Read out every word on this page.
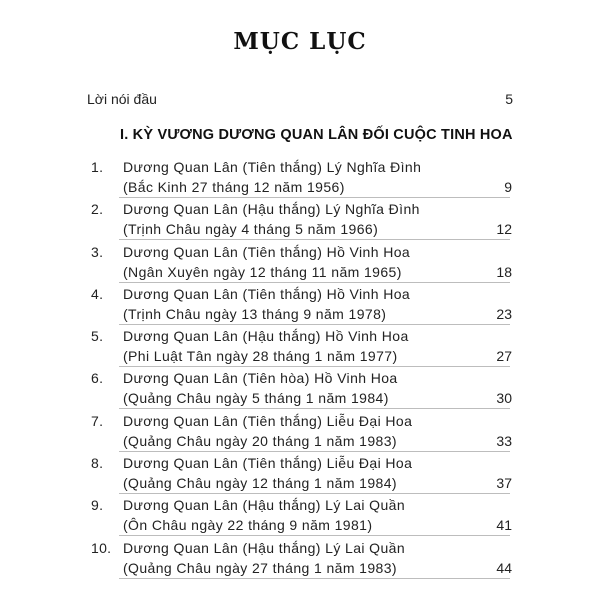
MỤC LỤC
Lời nói đầu	5
I. KỲ VƯƠNG DƯƠNG QUAN LÂN ĐỐI CUỘC TINH HOA
1. Dương Quan Lân (Tiên thắng) Lý Nghĩa Đình
(Bắc Kinh 27 tháng 12 năm 1956)	9
2. Dương Quan Lân (Hậu thắng) Lý Nghĩa Đình
(Trịnh Châu ngày 4 tháng 5 năm 1966)	12
3. Dương Quan Lân (Tiên thắng) Hồ Vinh Hoa
(Ngân Xuyên ngày 12 tháng 11 năm 1965)	18
4. Dương Quan Lân (Tiên thắng) Hồ Vinh Hoa
(Trịnh Châu ngày 13 tháng 9 năm 1978)	23
5. Dương Quan Lân (Hậu thắng) Hồ Vinh Hoa
(Phi Luật Tân ngày 28 tháng 1 năm 1977)	27
6. Dương Quan Lân (Tiên hòa) Hồ Vinh Hoa
(Quảng Châu ngày 5 tháng 1 năm 1984)	30
7. Dương Quan Lân (Tiên thắng) Liễu Đại Hoa
(Quảng Châu ngày 20 tháng 1 năm 1983)	33
8. Dương Quan Lân (Tiên thắng) Liễu Đại Hoa
(Quảng Châu ngày 12 tháng 1 năm 1984)	37
9. Dương Quan Lân (Hậu thắng) Lý Lai Quần
(Ôn Châu ngày 22 tháng 9 năm 1981)	41
10. Dương Quan Lân (Hậu thắng) Lý Lai Quần
(Quảng Châu ngày 27 tháng 1 năm 1983)	44
